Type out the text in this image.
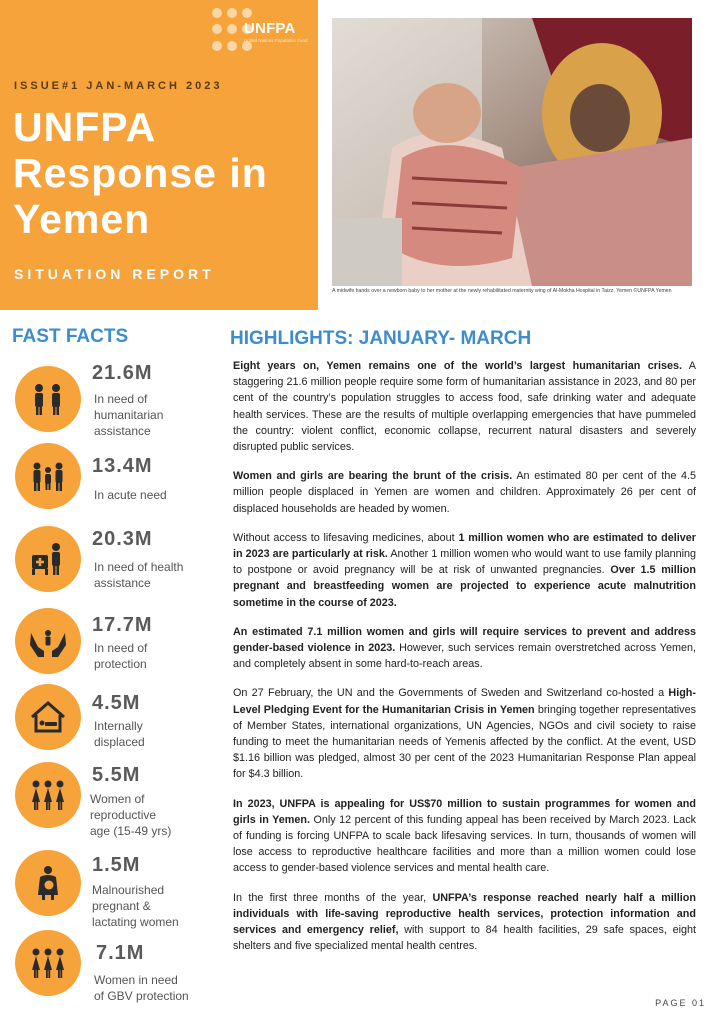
UNFPA
United Nations Population Fund
ISSUE#1 JAN-MARCH 2023
UNFPA
Response in
Yemen
SITUATION REPORT
A midwife hands over a newborn baby to her mother at the newly rehabilitated maternity wing of Al-Mokha Hospital in Taizz, Yemen ©UNFPA Yemen
FAST FACTS	HIGHLIGHTS: JANUARY- MARCH
21.6M
In need of
humanitarian
assistance
13.4M
In acute need
20.3M
In need of health
assistance
17.7M
In need of
protection
4.5M
Internally
displaced
5.5M
Women of
reproductive
age (15-49 yrs)
1.5M
Malnourished
pregnant &
lactating women
7.1M
Women in need
of GBV protection

Eight years on, Yemen remains one of the world’s largest humanitarian crises. A staggering 21.6 million people require some form of humanitarian assistance in 2023, and 80 per cent of the country’s population struggles to access food, safe drinking water and adequate health services. These are the results of multiple overlapping emergencies that have pummeled the country: violent conflict, economic collapse, recurrent natural disasters and severely disrupted public services.

Women and girls are bearing the brunt of the crisis. An estimated 80 per cent of the 4.5 million people displaced in Yemen are women and children. Approximately 26 per cent of displaced households are headed by women.

Without access to lifesaving medicines, about 1 million women who are estimated to deliver in 2023 are particularly at risk. Another 1 million women who would want to use family planning to postpone or avoid pregnancy will be at risk of unwanted pregnancies. Over 1.5 million pregnant and breastfeeding women are projected to experience acute malnutrition sometime in the course of 2023.

An estimated 7.1 million women and girls will require services to prevent and address gender-based violence in 2023. However, such services remain overstretched across Yemen, and completely absent in some hard-to-reach areas.

On 27 February, the UN and the Governments of Sweden and Switzerland co-hosted a High-Level Pledging Event for the Humanitarian Crisis in Yemen bringing together representatives of Member States, international organizations, UN Agencies, NGOs and civil society to raise funding to meet the humanitarian needs of Yemenis affected by the conflict. At the event, USD $1.16 billion was pledged, almost 30 per cent of the 2023 Humanitarian Response Plan appeal for $4.3 billion.

In 2023, UNFPA is appealing for US$70 million to sustain programmes for women and girls in Yemen. Only 12 percent of this funding appeal has been received by March 2023. Lack of funding is forcing UNFPA to scale back lifesaving services. In turn, thousands of women will lose access to reproductive healthcare facilities and more than a million women could lose access to gender-based violence services and mental health care.

In the first three months of the year, UNFPA’s response reached nearly half a million individuals with life-saving reproductive health services, protection information and services and emergency relief, with support to 84 health facilities, 29 safe spaces, eight shelters and five specialized mental health centres.

PAGE 01
